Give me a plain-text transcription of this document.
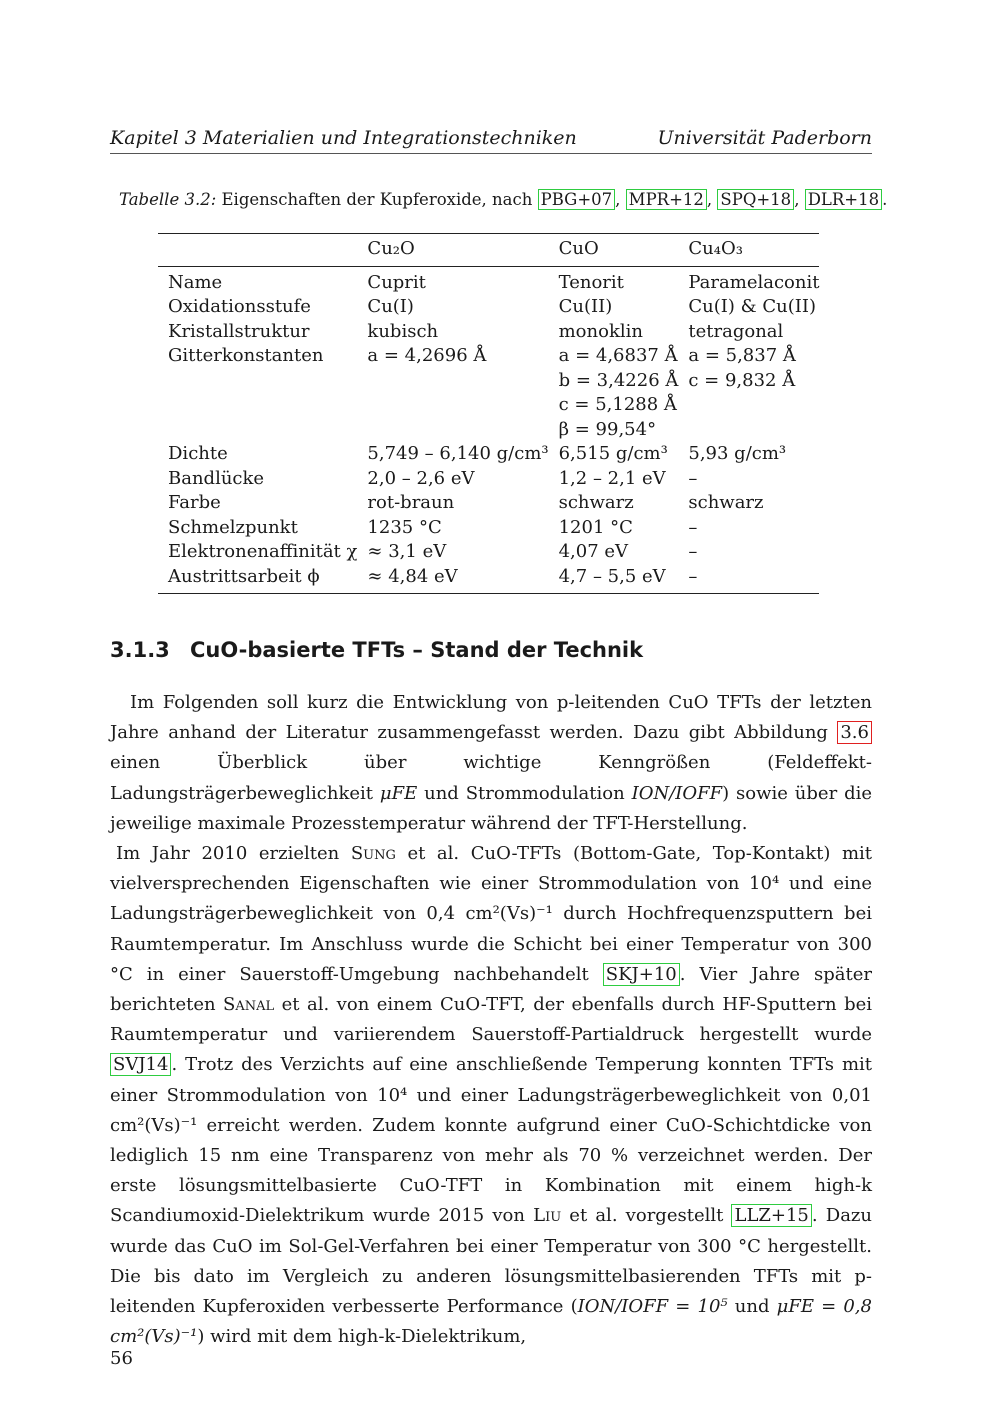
Kapitel 3 Materialien und Integrationstechniken	Universität Paderborn
Tabelle 3.2: Eigenschaften der Kupferoxide, nach PBG+07 , MPR+12 , SPQ+18 , DLR+18 .
	Cu₂O	CuO	Cu₄O₃
Name	Cuprit	Tenorit	Paramelaconit
Oxidationsstufe	Cu(I)	Cu(II)	Cu(I) & Cu(II)
Kristallstruktur	kubisch	monoklin	tetragonal
Gitterkonstanten	a = 4,2696 Å	a = 4,6837 Å	a = 5,837 Å
		b = 3,4226 Å	c = 9,832 Å
		c = 5,1288 Å	
		β = 99,54°	
Dichte	5,749 – 6,140 g/cm³	6,515 g/cm³	5,93 g/cm³
Bandlücke	2,0 – 2,6 eV	1,2 – 2,1 eV	–
Farbe	rot-braun	schwarz	schwarz
Schmelzpunkt	1235 °C	1201 °C	–
Elektronenaffinität χ	≈ 3,1 eV	4,07 eV	–
Austrittsarbeit ϕ	≈ 4,84 eV	4,7 – 5,5 eV	–
3.1.3 CuO-basierte TFTs – Stand der Technik

Im Folgenden soll kurz die Entwicklung von p-leitenden CuO TFTs der letzten Jahre anhand der Literatur zusammengefasst werden. Dazu gibt Abbildung 3.6 einen Überblick über wichtige Kenngrößen (Feldeffekt-Ladungsträgerbeweglichkeit μFE und Strommodulation ION/IOFF) sowie über die jeweilige maximale Prozesstemperatur während der TFT-Herstellung.

Im Jahr 2010 erzielten Sung et al. CuO-TFTs (Bottom-Gate, Top-Kontakt) mit vielversprechenden Eigenschaften wie einer Strommodulation von 10⁴ und eine Ladungsträgerbeweglichkeit von 0,4 cm²(Vs)⁻¹ durch Hochfrequenzsputtern bei Raumtemperatur. Im Anschluss wurde die Schicht bei einer Temperatur von 300 °C in einer Sauerstoff-Umgebung nachbehandelt SKJ+10 . Vier Jahre später berichteten Sanal et al. von einem CuO-TFT, der ebenfalls durch HF-Sputtern bei Raumtemperatur und variierendem Sauerstoff-Partialdruck hergestellt wurde SVJ14 . Trotz des Verzichts auf eine anschließende Temperung konnten TFTs mit einer Strommodulation von 10⁴ und einer Ladungsträgerbeweglichkeit von 0,01 cm²(Vs)⁻¹ erreicht werden. Zudem konnte aufgrund einer CuO-Schichtdicke von lediglich 15 nm eine Transparenz von mehr als 70 % verzeichnet werden. Der erste lösungsmittelbasierte CuO-TFT in Kombination mit einem high-k Scandiumoxid-Dielektrikum wurde 2015 von Liu et al. vorgestellt LLZ+15 . Dazu wurde das CuO im Sol-Gel-Verfahren bei einer Temperatur von 300 °C hergestellt. Die bis dato im Vergleich zu anderen lösungsmittelbasierenden TFTs mit p-leitenden Kupferoxiden verbesserte Performance (ION/IOFF = 10⁵ und μFE = 0,8 cm²(Vs)⁻¹) wird mit dem high-k-Dielektrikum,

56
